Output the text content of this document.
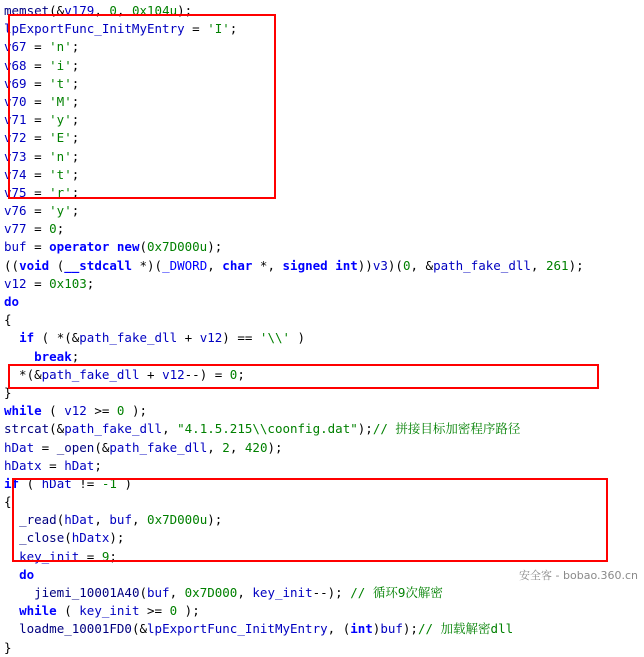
memset(&v179, 0, 0x104u);
lpExportFunc_InitMyEntry = 'I';
v67 = 'n';
v68 = 'i';
v69 = 't';
v70 = 'M';
v71 = 'y';
v72 = 'E';
v73 = 'n';
v74 = 't';
v75 = 'r';
v76 = 'y';
v77 = 0;
buf = operator new(0x7D000u);
((void (__stdcall *)(_DWORD, char *, signed int))v3)(0, &path_fake_dll, 261);
v12 = 0x103;
do
{
if ( *(&path_fake_dll + v12) == '\\' )
break;
*(&path_fake_dll + v12--) = 0;
}
while ( v12 >= 0 );
strcat(&path_fake_dll, "4.1.5.215\\coonfig.dat");// 拼接目标加密程序路径
hDat = _open(&path_fake_dll, 2, 420);
hDatx = hDat;
if ( hDat != -1 )
{
_read(hDat, buf, 0x7D000u);
_close(hDatx);
key_init = 9;
do
jiemi_10001A40(buf, 0x7D000, key_init--); // 循环9次解密
while ( key_init >= 0 );
loadme_10001FD0(&lpExportFunc_InitMyEntry, (int)buf);// 加载解密dll
}
安全客 - bobao.360.cn
